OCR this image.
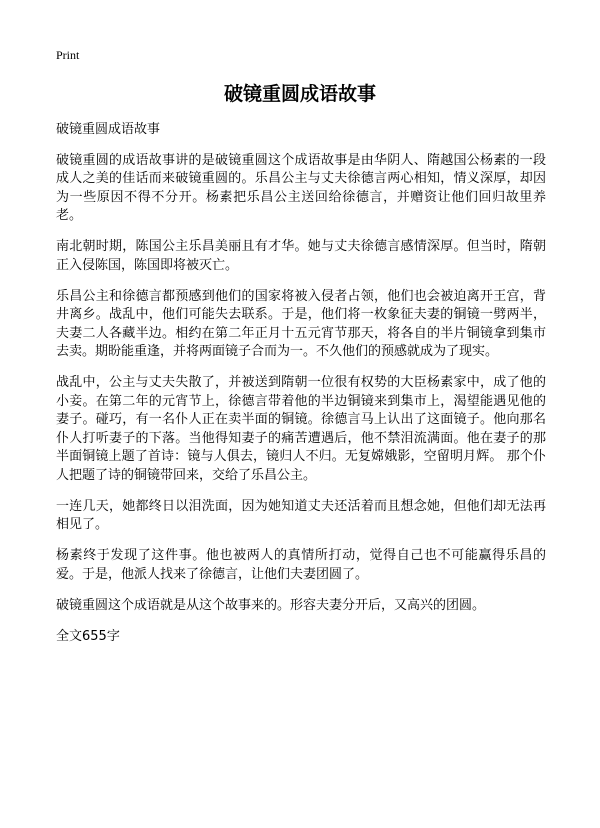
Print
破镜重圆成语故事

破镜重圆成语故事

破镜重圆的成语故事讲的是破镜重圆这个成语故事是由华阴人、隋越国公杨素的一段成人之美的佳话而来破镜重圆的。乐昌公主与丈夫徐德言两心相知，情义深厚，却因为一些原因不得不分开。杨素把乐昌公主送回给徐德言，并赠资让他们回归故里养老。

南北朝时期，陈国公主乐昌美丽且有才华。她与丈夫徐德言感情深厚。但当时，隋朝正入侵陈国，陈国即将被灭亡。

乐昌公主和徐德言都预感到他们的国家将被入侵者占领，他们也会被迫离开王宫，背井离乡。战乱中，他们可能失去联系。于是，他们将一枚象征夫妻的铜镜一劈两半，夫妻二人各藏半边。相约在第二年正月十五元宵节那天，将各自的半片铜镜拿到集市去卖。期盼能重逢，并将两面镜子合而为一。不久他们的预感就成为了现实。

战乱中，公主与丈夫失散了，并被送到隋朝一位很有权势的大臣杨素家中，成了他的小妾。在第二年的元宵节上，徐德言带着他的半边铜镜来到集市上，渴望能遇见他的妻子。碰巧，有一名仆人正在卖半面的铜镜。徐德言马上认出了这面镜子。他向那名仆人打听妻子的下落。当他得知妻子的痛苦遭遇后，他不禁泪流满面。他在妻子的那半面铜镜上题了首诗：镜与人俱去，镜归人不归。无复嫦娥影，空留明月辉。 那个仆人把题了诗的铜镜带回来，交给了乐昌公主。

一连几天，她都终日以泪洗面，因为她知道丈夫还活着而且想念她，但他们却无法再相见了。

杨素终于发现了这件事。他也被两人的真情所打动，觉得自己也不可能赢得乐昌的爱。于是，他派人找来了徐德言，让他们夫妻团圆了。

破镜重圆这个成语就是从这个故事来的。形容夫妻分开后，又高兴的团圆。

全文655字
